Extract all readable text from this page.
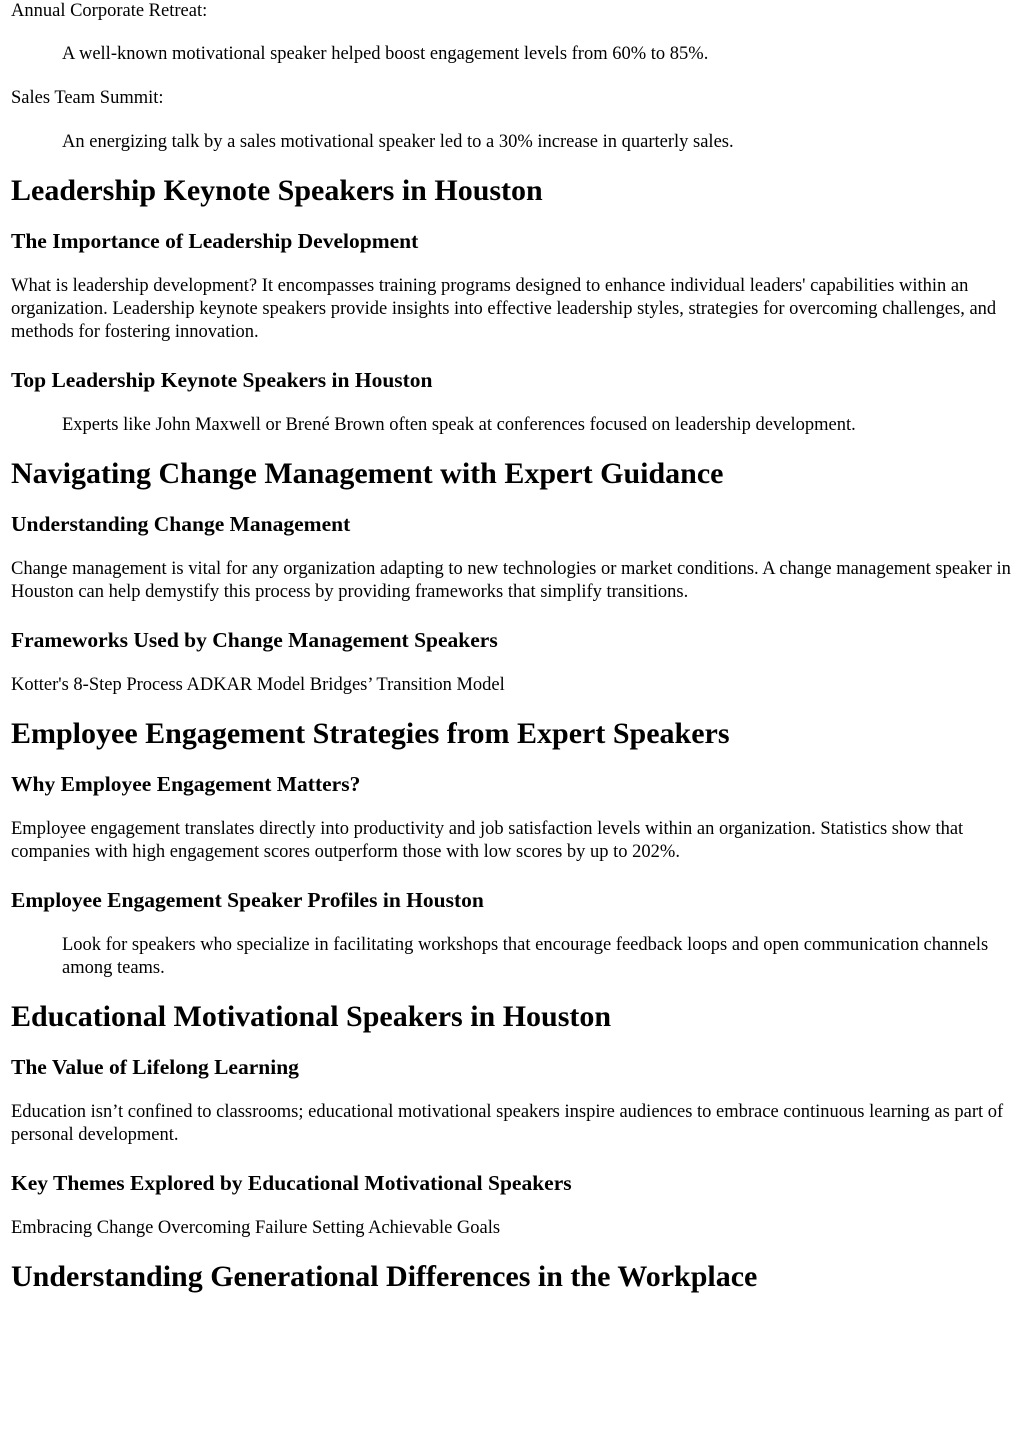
Annual Corporate Retreat:

A well-known motivational speaker helped boost engagement levels from 60% to 85%.

Sales Team Summit:

An energizing talk by a sales motivational speaker led to a 30% increase in quarterly sales.

Leadership Keynote Speakers in Houston
The Importance of Leadership Development

What is leadership development? It encompasses training programs designed to enhance individual leaders' capabilities within an organization. Leadership keynote speakers provide insights into effective leadership styles, strategies for overcoming challenges, and methods for fostering innovation.

Top Leadership Keynote Speakers in Houston

Experts like John Maxwell or Brené Brown often speak at conferences focused on leadership development.

Navigating Change Management with Expert Guidance
Understanding Change Management

Change management is vital for any organization adapting to new technologies or market conditions. A change management speaker in Houston can help demystify this process by providing frameworks that simplify transitions.

Frameworks Used by Change Management Speakers

Kotter's 8-Step Process ADKAR Model Bridges’ Transition Model

Employee Engagement Strategies from Expert Speakers
Why Employee Engagement Matters?

Employee engagement translates directly into productivity and job satisfaction levels within an organization. Statistics show that companies with high engagement scores outperform those with low scores by up to 202%.

Employee Engagement Speaker Profiles in Houston

Look for speakers who specialize in facilitating workshops that encourage feedback loops and open communication channels among teams.

Educational Motivational Speakers in Houston
The Value of Lifelong Learning

Education isn’t confined to classrooms; educational motivational speakers inspire audiences to embrace continuous learning as part of personal development.

Key Themes Explored by Educational Motivational Speakers

Embracing Change Overcoming Failure Setting Achievable Goals

Understanding Generational Differences in the Workplace
